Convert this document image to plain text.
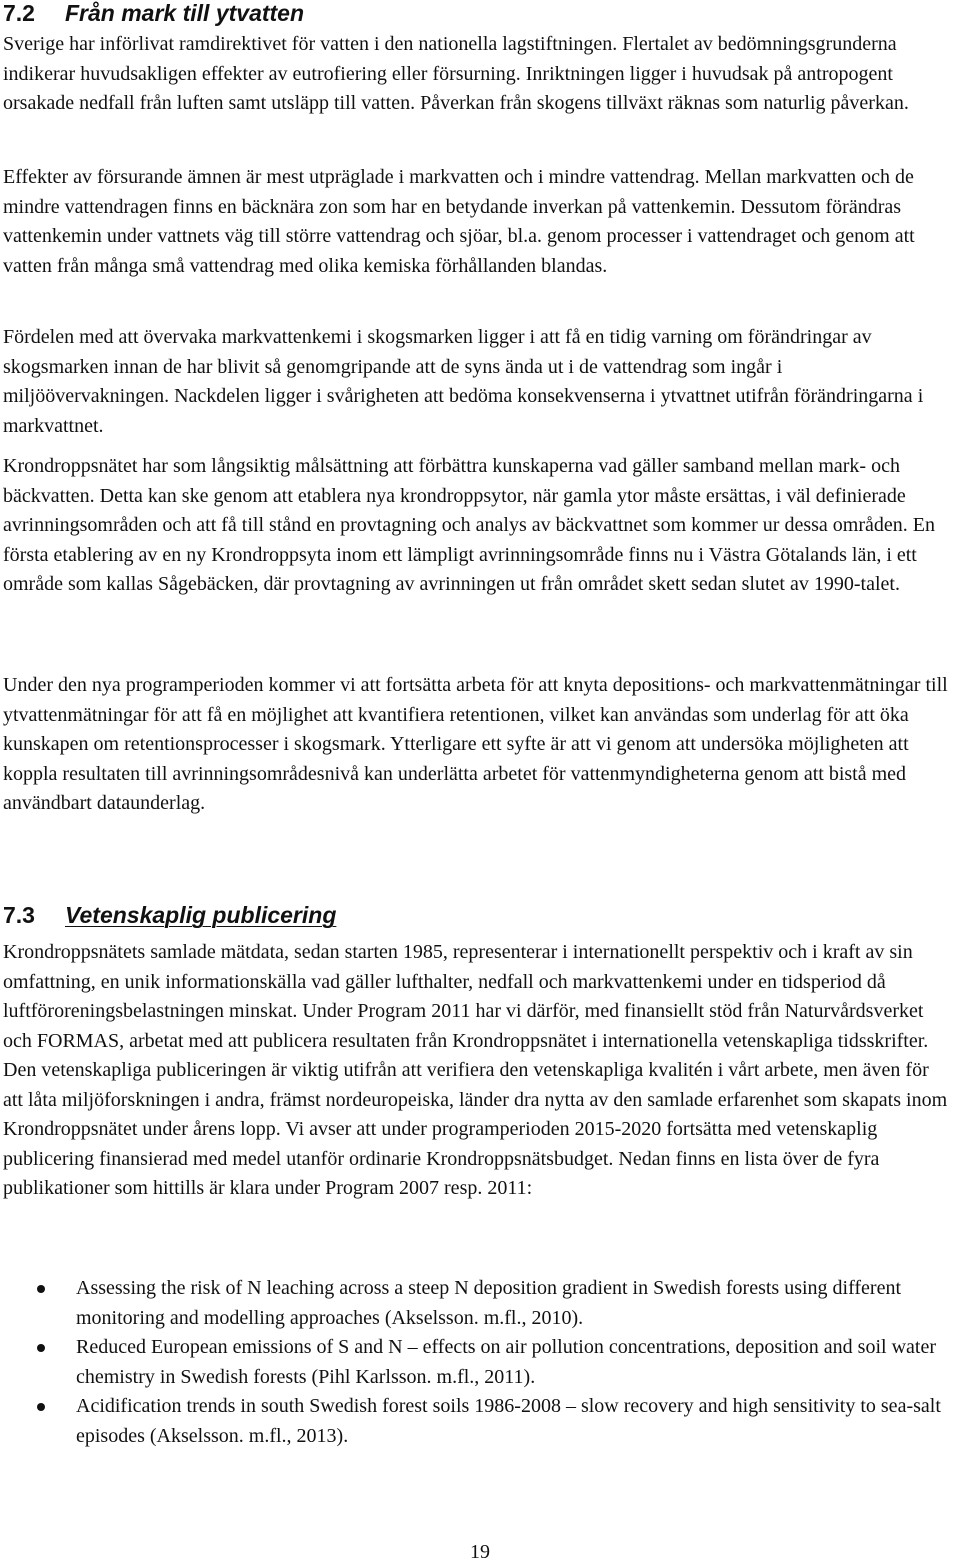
7.2 Från mark till ytvatten

Sverige har införlivat ramdirektivet för vatten i den nationella lagstiftningen. Flertalet av bedömningsgrunderna indikerar huvudsakligen effekter av eutrofiering eller försurning. Inriktningen ligger i huvudsak på antropogent orsakade nedfall från luften samt utsläpp till vatten. Påverkan från skogens tillväxt räknas som naturlig påverkan.

Effekter av försurande ämnen är mest utpräglade i markvatten och i mindre vattendrag. Mellan markvatten och de mindre vattendragen finns en bäcknära zon som har en betydande inverkan på vattenkemin. Dessutom förändras vattenkemin under vattnets väg till större vattendrag och sjöar, bl.a. genom processer i vattendraget och genom att vatten från många små vattendrag med olika kemiska förhållanden blandas.

Fördelen med att övervaka markvattenkemi i skogsmarken ligger i att få en tidig varning om förändringar av skogsmarken innan de har blivit så genomgripande att de syns ända ut i de vattendrag som ingår i miljöövervakningen. Nackdelen ligger i svårigheten att bedöma konsekvenserna i ytvattnet utifrån förändringarna i markvattnet.

Krondroppsnätet har som långsiktig målsättning att förbättra kunskaperna vad gäller samband mellan mark- och bäckvatten. Detta kan ske genom att etablera nya krondroppsytor, när gamla ytor måste ersättas, i väl definierade avrinningsområden och att få till stånd en provtagning och analys av bäckvattnet som kommer ur dessa områden. En första etablering av en ny Krondroppsyta inom ett lämpligt avrinningsområde finns nu i Västra Götalands län, i ett område som kallas Sågebäcken, där provtagning av avrinningen ut från området skett sedan slutet av 1990-talet.

Under den nya programperioden kommer vi att fortsätta arbeta för att knyta depositions- och markvattenmätningar till ytvattenmätningar för att få en möjlighet att kvantifiera retentionen, vilket kan användas som underlag för att öka kunskapen om retentionsprocesser i skogsmark. Ytterligare ett syfte är att vi genom att undersöka möjligheten att koppla resultaten till avrinningsområdesnivå kan underlätta arbetet för vattenmyndigheterna genom att bistå med användbart dataunderlag.

7.3 Vetenskaplig publicering

Krondroppsnätets samlade mätdata, sedan starten 1985, representerar i internationellt perspektiv och i kraft av sin omfattning, en unik informationskälla vad gäller lufthalter, nedfall och markvattenkemi under en tidsperiod då luftföroreningsbelastningen minskat. Under Program 2011 har vi därför, med finansiellt stöd från Naturvårdsverket och FORMAS, arbetat med att publicera resultaten från Krondroppsnätet i internationella vetenskapliga tidsskrifter. Den vetenskapliga publiceringen är viktig utifrån att verifiera den vetenskapliga kvalitén i vårt arbete, men även för att låta miljöforskningen i andra, främst nordeuropeiska, länder dra nytta av den samlade erfarenhet som skapats inom Krondroppsnätet under årens lopp. Vi avser att under programperioden 2015-2020 fortsätta med vetenskaplig publicering finansierad med medel utanför ordinarie Krondroppsnätsbudget. Nedan finns en lista över de fyra publikationer som hittills är klara under Program 2007 resp. 2011:

Assessing the risk of N leaching across a steep N deposition gradient in Swedish forests using different monitoring and modelling approaches (Akselsson. m.fl., 2010).
Reduced European emissions of S and N – effects on air pollution concentrations, deposition and soil water chemistry in Swedish forests (Pihl Karlsson. m.fl., 2011).
Acidification trends in south Swedish forest soils 1986-2008 – slow recovery and high sensitivity to sea-salt episodes (Akselsson. m.fl., 2013).
19
